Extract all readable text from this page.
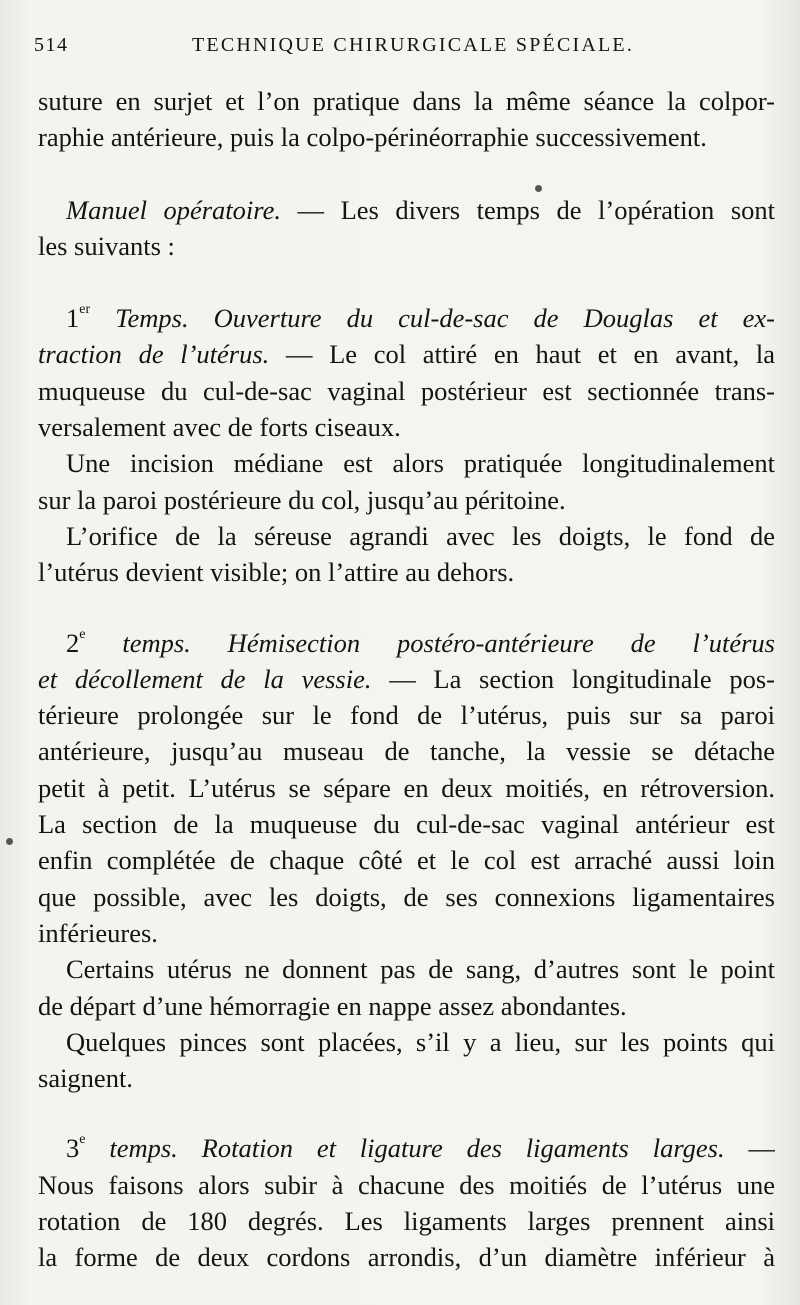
514	TECHNIQUE CHIRURGICALE SPÉCIALE.
suture en surjet et l’on pratique dans la même séance la colpor-
raphie antérieure, puis la colpo-périnéorraphie successivement.
Manuel opératoire. — Les divers temps de l’opération sont
les suivants :
1er Temps. Ouverture du cul-de-sac de Douglas et ex-
traction de l’utérus. — Le col attiré en haut et en avant, la
muqueuse du cul-de-sac vaginal postérieur est sectionnée trans-
versalement avec de forts ciseaux.
Une incision médiane est alors pratiquée longitudinalement
sur la paroi postérieure du col, jusqu’au péritoine.
L’orifice de la séreuse agrandi avec les doigts, le fond de
l’utérus devient visible; on l’attire au dehors.
2e temps. Hémisection postéro-antérieure de l’utérus
et décollement de la vessie. — La section longitudinale pos-
térieure prolongée sur le fond de l’utérus, puis sur sa paroi
antérieure, jusqu’au museau de tanche, la vessie se détache
petit à petit. L’utérus se sépare en deux moitiés, en rétroversion.
La section de la muqueuse du cul-de-sac vaginal antérieur est
enfin complétée de chaque côté et le col est arraché aussi loin
que possible, avec les doigts, de ses connexions ligamentaires
inférieures.
Certains utérus ne donnent pas de sang, d’autres sont le point
de départ d’une hémorragie en nappe assez abondantes.
Quelques pinces sont placées, s’il y a lieu, sur les points qui
saignent.
3e temps. Rotation et ligature des ligaments larges. —
Nous faisons alors subir à chacune des moitiés de l’utérus une
rotation de 180 degrés. Les ligaments larges prennent ainsi
la forme de deux cordons arrondis, d’un diamètre inférieur à
